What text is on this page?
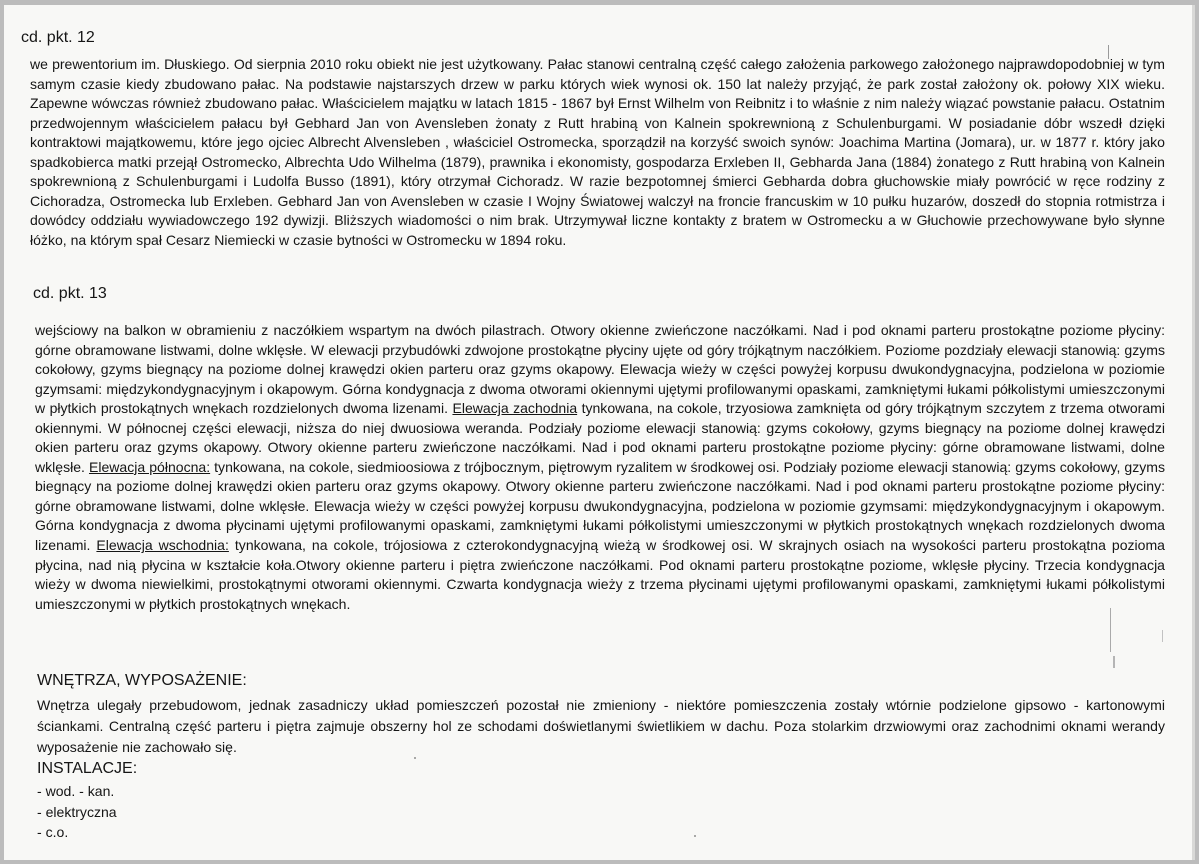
cd. pkt. 12
we prewentorium im. Dłuskiego. Od sierpnia 2010 roku obiekt nie jest użytkowany. Pałac stanowi centralną część całego założenia parkowego założonego najprawdopodobniej w tym samym czasie kiedy zbudowano pałac. Na podstawie najstarszych drzew w parku których wiek wynosi ok. 150 lat należy przyjąć, że park został założony ok. połowy XIX wieku. Zapewne wówczas również zbudowano pałac. Właścicielem majątku w latach 1815 - 1867 był Ernst Wilhelm von Reibnitz i to właśnie z nim należy wiązać powstanie pałacu. Ostatnim przedwojennym właścicielem pałacu był Gebhard Jan von Avensleben żonaty z Rutt hrabiną von Kalnein spokrewnioną z Schulenburgami. W posiadanie dóbr wszedł dzięki kontraktowi majątkowemu, które jego ojciec Albrecht Alvensleben , właściciel Ostromecka, sporządził na korzyść swoich synów: Joachima Martina (Jomara), ur. w 1877 r. który jako spadkobierca matki przejął Ostromecko, Albrechta Udo Wilhelma (1879), prawnika i ekonomisty, gospodarza Erxleben II, Gebharda Jana (1884) żonatego z Rutt hrabiną von Kalnein spokrewnioną z Schulenburgami i Ludolfa Busso (1891), który otrzymał Cichoradz. W razie bezpotomnej śmierci Gebharda dobra głuchowskie miały powrócić w ręce rodziny z Cichoradza, Ostromecka lub Erxleben. Gebhard Jan von Avensleben w czasie I Wojny Światowej walczył na froncie francuskim w 10 pułku huzarów, doszedł do stopnia rotmistrza i dowódcy oddziału wywiadowczego 192 dywizji. Bliższych wiadomości o nim brak. Utrzymywał liczne kontakty z bratem w Ostromecku a w Głuchowie przechowywane było słynne łóżko, na którym spał Cesarz Niemiecki w czasie bytności w Ostromecku w 1894 roku.
cd. pkt. 13
wejściowy na balkon w obramieniu z naczółkiem wspartym na dwóch pilastrach. Otwory okienne zwieńczone naczółkami. Nad i pod oknami parteru prostokątne poziome płyciny: górne obramowane listwami, dolne wklęsłe. W elewacji przybudówki zdwojone prostokątne płyciny ujęte od góry trójkątnym naczółkiem. Poziome pozdziały elewacji stanowią: gzyms cokołowy, gzyms biegnący na poziome dolnej krawędzi okien parteru oraz gzyms okapowy. Elewacja wieży w części powyżej korpusu dwukondygnacyjna, podzielona w poziomie gzymsami: międzykondygnacyjnym i okapowym. Górna kondygnacja z dwoma otworami okiennymi ujętymi profilowanymi opaskami, zamkniętymi łukami półkolistymi umieszczonymi w płytkich prostokątnych wnękach rozdzielonych dwoma lizenami. Elewacja zachodnia tynkowana, na cokole, trzyosiowa zamknięta od góry trójkątnym szczytem z trzema otworami okiennymi. W północnej części elewacji, niższa do niej dwuosiowa weranda. Podziały poziome elewacji stanowią: gzyms cokołowy, gzyms biegnący na poziome dolnej krawędzi okien parteru oraz gzyms okapowy. Otwory okienne parteru zwieńczone naczółkami. Nad i pod oknami parteru prostokątne poziome płyciny: górne obramowane listwami, dolne wklęsłe. Elewacja północna: tynkowana, na cokole, siedmioosiowa z trójbocznym, piętrowym ryzalitem w środkowej osi. Podziały poziome elewacji stanowią: gzyms cokołowy, gzyms biegnący na poziome dolnej krawędzi okien parteru oraz gzyms okapowy. Otwory okienne parteru zwieńczone naczółkami. Nad i pod oknami parteru prostokątne poziome płyciny: górne obramowane listwami, dolne wklęsłe. Elewacja wieży w części powyżej korpusu dwukondygnacyjna, podzielona w poziomie gzymsami: międzykondygnacyjnym i okapowym. Górna kondygnacja z dwoma płycinami ujętymi profilowanymi opaskami, zamkniętymi łukami półkolistymi umieszczonymi w płytkich prostokątnych wnękach rozdzielonych dwoma lizenami. Elewacja wschodnia: tynkowana, na cokole, trójosiowa z czterokondygnacyjną wieżą w środkowej osi. W skrajnych osiach na wysokości parteru prostokątna pozioma płycina, nad nią płycina w kształcie koła.Otwory okienne parteru i piętra zwieńczone naczółkami. Pod oknami parteru prostokątne poziome, wklęsłe płyciny. Trzecia kondygnacja wieży w dwoma niewielkimi, prostokątnymi otworami okiennymi. Czwarta kondygnacja wieży z trzema płycinami ujętymi profilowanymi opaskami, zamkniętymi łukami półkolistymi umieszczonymi w płytkich prostokątnych wnękach.
WNĘTRZA, WYPOSAŻENIE:
Wnętrza ulegały przebudowom, jednak zasadniczy układ pomieszczeń pozostał nie zmieniony - niektóre pomieszczenia zostały wtórnie podzielone gipsowo - kartonowymi ściankami. Centralną część parteru i piętra zajmuje obszerny hol ze schodami doświetlanymi świetlikiem w dachu. Poza stolarkim drzwiowymi oraz zachodnimi oknami werandy wyposażenie nie zachowało się.
INSTALACJE:
- wod. - kan.
- elektryczna
- c.o.
